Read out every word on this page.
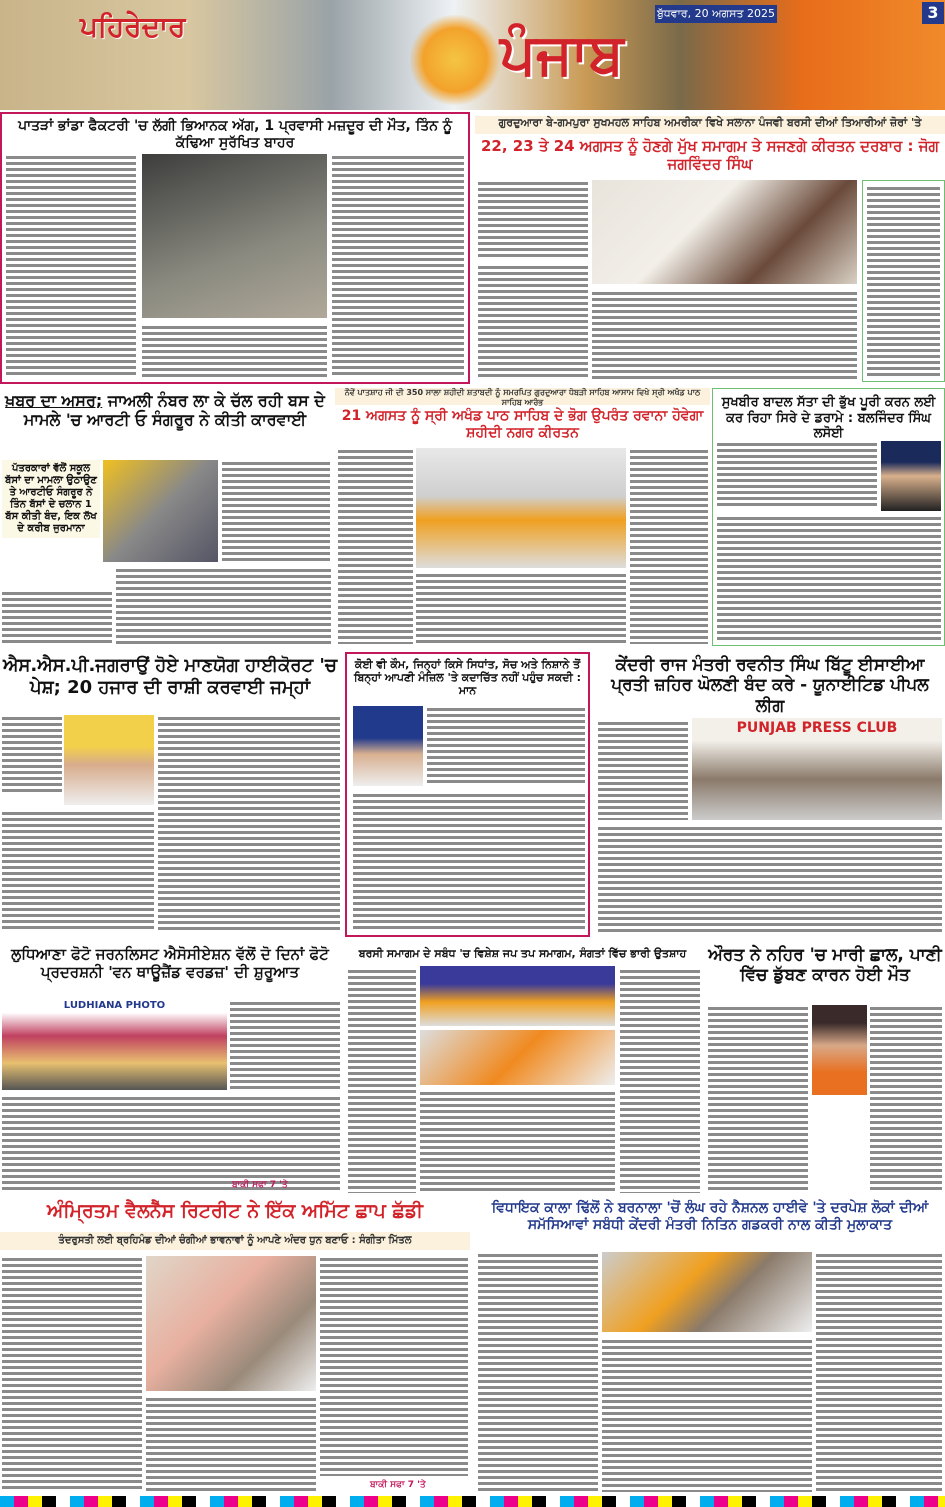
ਪਹਿਰੇਦਾਰ	ਪੰਜਾਬ
ਬੁੱਧਵਾਰ, 20 ਅਗਸਤ 2025	3
ਪਾਤੜਾਂ ਭਾਂਡਾ ਫੈਕਟਰੀ 'ਚ ਲੱਗੀ ਭਿਆਨਕ ਅੱਗ, 1 ਪ੍ਰਵਾਸੀ ਮਜ਼ਦੂਰ ਦੀ ਮੌਤ, ਤਿੰਨ ਨੂੰ ਕੱਢਿਆ ਸੁਰੱਖਿਤ ਬਾਹਰ
ਗੁਰਦੁਆਰਾ ਬੇ-ਗਮਪੁਰਾ ਸੁਖਮਹਲ ਸਾਹਿਬ ਅਮਰੀਕਾ ਵਿਖੇ ਸਲਾਨਾ ਪੰਜਵੀ ਬਰਸੀ ਦੀਆਂ ਤਿਆਰੀਆਂ ਜ਼ੋਰਾਂ 'ਤੇ
22, 23 ਤੇ 24 ਅਗਸਤ ਨੂੰ ਹੋਣਗੇ ਮੁੱਖ ਸਮਾਗਮ ਤੇ ਸਜਣਗੇ ਕੀਰਤਨ ਦਰਬਾਰ : ਜੋਗ ਜਗਵਿੰਦਰ ਸਿੰਘ
ਖ਼ਬਰ ਦਾ ਅਸਰ; ਜਾਅਲੀ ਨੰਬਰ ਲਾ ਕੇ ਚੱਲ ਰਹੀ ਬਸ ਦੇ ਮਾਮਲੇ 'ਚ ਆਰਟੀ ਓ ਸੰਗਰੂਰ ਨੇ ਕੀਤੀ ਕਾਰਵਾਈ
ਪੱਤਰਕਾਰਾਂ ਵੱਲੋਂ ਸਕੂਲ ਬੱਸਾਂ ਦਾ ਮਾਮਲਾ ਉਠਾਉਣ ਤੇ ਆਰਟੀਓ ਸੰਗਰੂਰ ਨੇ ਤਿੰਨ ਬੱਸਾਂ ਦੇ ਚਲਾਨ 1 ਬੱਸ ਕੀਤੀ ਬੰਦ, ਇਕ ਲੱਖ ਦੇ ਕਰੀਬ ਜੁਰਮਾਨਾ
ਨੌਵੇਂ ਪਾਤਸ਼ਾਹ ਜੀ ਦੀ 350 ਸਾਲਾ ਸ਼ਹੀਦੀ ਸ਼ਤਾਬਦੀ ਨੂੰ ਸਮਰਪਿਤ ਗੁਰਦੁਆਰਾ ਧੋਬੜੀ ਸਾਹਿਬ ਆਸਾਮ ਵਿਖੇ ਸ੍ਰੀ ਅਖੰਡ ਪਾਠ ਸਾਹਿਬ ਆਰੰਭ
21 ਅਗਸਤ ਨੂੰ ਸ੍ਰੀ ਅਖੰਡ ਪਾਠ ਸਾਹਿਬ ਦੇ ਭੋਗ ਉਪਰੰਤ ਰਵਾਨਾ ਹੋਵੇਗਾ ਸ਼ਹੀਦੀ ਨਗਰ ਕੀਰਤਨ
ਸੁਖਬੀਰ ਬਾਦਲ ਸੱਤਾ ਦੀ ਭੁੱਖ ਪੂਰੀ ਕਰਨ ਲਈ ਕਰ ਰਿਹਾ ਸਿਰੇ ਦੇ ਡਰਾਮੇ : ਬਲਜਿੰਦਰ ਸਿੰਘ ਲਸੋਈ
ਐਸ.ਐਸ.ਪੀ.ਜਗਰਾਉਂ ਹੋਏ ਮਾਣਯੋਗ ਹਾਈਕੋਰਟ 'ਚ ਪੇਸ਼; 20 ਹਜਾਰ ਦੀ ਰਾਸ਼ੀ ਕਰਵਾਈ ਜਮ੍ਹਾਂ
ਕੋਈ ਵੀ ਕੌਮ, ਜਿਨ੍ਹਾਂ ਕਿਸੇ ਸਿਧਾਂਤ, ਸੋਚ ਅਤੇ ਨਿਸ਼ਾਨੇ ਤੋਂ ਬਿਨ੍ਹਾਂ ਆਪਣੀ ਮੰਜ਼ਿਲ 'ਤੇ ਕਦਾਚਿੱਤ ਨਹੀਂ ਪਹੁੰਚ ਸਕਦੀ : ਮਾਨ
ਕੇਂਦਰੀ ਰਾਜ ਮੰਤਰੀ ਰਵਨੀਤ ਸਿੰਘ ਬਿੱਟੂ ਈਸਾਈਆ ਪ੍ਰਤੀ ਜ਼ਹਿਰ ਘੋਲਣੀ ਬੰਦ ਕਰੇ - ਯੂਨਾਈਟਿਡ ਪੀਪਲ ਲੀਗ
PUNJAB PRESS CLUB
ਲੁਧਿਆਣਾ ਫੋਟੋ ਜਰਨਲਿਸਟ ਐਸੋਸੀਏਸ਼ਨ ਵੱਲੋਂ ਦੋ ਦਿਨਾਂ ਫੋਟੋ ਪ੍ਰਦਰਸ਼ਨੀ 'ਵਨ ਥਾਊਜ਼ੈਂਡ ਵਰਡਜ਼' ਦੀ ਸ਼ੁਰੂਆਤ
LUDHIANA PHOTO
ਬਰਸੀ ਸਮਾਗਮ ਦੇ ਸਬੰਧ 'ਚ ਵਿਸ਼ੇਸ਼ ਜਪ ਤਪ ਸਮਾਗਮ, ਸੰਗਤਾਂ ਵਿੱਚ ਭਾਰੀ ਉਤਸ਼ਾਹ	ਔਰਤ ਨੇ ਨਹਿਰ 'ਚ ਮਾਰੀ ਛਾਲ, ਪਾਣੀ ਵਿੱਚ ਡੁੱਬਣ ਕਾਰਨ ਹੋਈ ਮੌਤ
ਅੰਮ੍ਰਿਤਮ ਵੈਲਨੈੱਸ ਰਿਟਰੀਟ ਨੇ ਇੱਕ ਅਮਿੱਟ ਛਾਪ ਛੱਡੀ
ਤੰਦਰੁਸਤੀ ਲਈ ਬ੍ਰਹਿਮੰਡ ਦੀਆਂ ਚੰਗੀਆਂ ਭਾਵਨਾਵਾਂ ਨੂੰ ਆਪਣੇ ਅੰਦਰ ਧੁਨ ਬਣਾਓ : ਸੰਗੀਤਾ ਮਿੱਤਲ
ਬਾਕੀ ਸਫਾ 7 'ਤੇ
ਬਾਕੀ ਸਫਾ 7 'ਤੇ
ਵਿਧਾਇਕ ਕਾਲਾ ਢਿੱਲੋਂ ਨੇ ਬਰਨਾਲਾ 'ਚੋਂ ਲੰਘ ਰਹੇ ਨੈਸ਼ਨਲ ਹਾਈਵੇ 'ਤੇ ਦਰਪੇਸ਼ ਲੋਕਾਂ ਦੀਆਂ ਸਮੱਸਿਆਵਾਂ ਸਬੰਧੀ ਕੇਂਦਰੀ ਮੰਤਰੀ ਨਿਤਿਨ ਗਡਕਰੀ ਨਾਲ ਕੀਤੀ ਮੁਲਾਕਾਤ
